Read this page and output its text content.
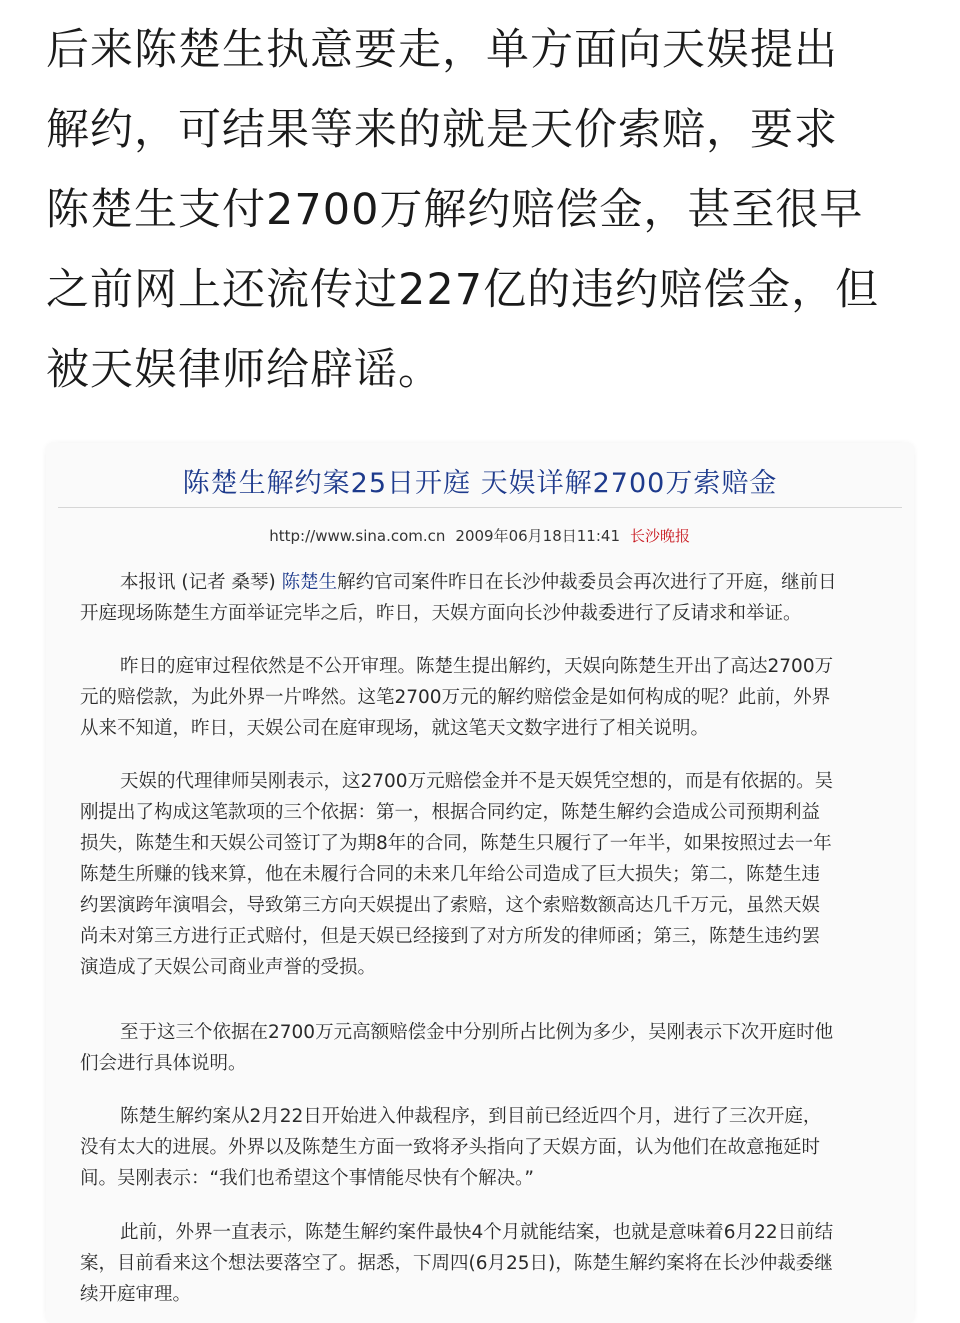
后来陈楚生执意要走，单方面向天娱提出
解约，可结果等来的就是天价索赔，要求
陈楚生支付2700万解约赔偿金，甚至很早
之前网上还流传过227亿的违约赔偿金，但
被天娱律师给辟谣。
陈楚生解约案25日开庭 天娱详解2700万索赔金
http://www.sina.com.cn 2009年06月18日11:41 长沙晚报

本报讯 (记者 桑琴) 陈楚生解约官司案件昨日在长沙仲裁委员会再次进行了开庭，继前日
开庭现场陈楚生方面举证完毕之后，昨日，天娱方面向长沙仲裁委进行了反请求和举证。

昨日的庭审过程依然是不公开审理。陈楚生提出解约，天娱向陈楚生开出了高达2700万
元的赔偿款，为此外界一片哗然。这笔2700万元的解约赔偿金是如何构成的呢？此前，外界
从来不知道，昨日，天娱公司在庭审现场，就这笔天文数字进行了相关说明。

天娱的代理律师吴刚表示，这2700万元赔偿金并不是天娱凭空想的，而是有依据的。吴
刚提出了构成这笔款项的三个依据：第一，根据合同约定，陈楚生解约会造成公司预期利益
损失，陈楚生和天娱公司签订了为期8年的合同，陈楚生只履行了一年半，如果按照过去一年
陈楚生所赚的钱来算，他在未履行合同的未来几年给公司造成了巨大损失；第二，陈楚生违
约罢演跨年演唱会，导致第三方向天娱提出了索赔，这个索赔数额高达几千万元，虽然天娱
尚未对第三方进行正式赔付，但是天娱已经接到了对方所发的律师函；第三，陈楚生违约罢
演造成了天娱公司商业声誉的受损。

至于这三个依据在2700万元高额赔偿金中分别所占比例为多少，吴刚表示下次开庭时他
们会进行具体说明。

陈楚生解约案从2月22日开始进入仲裁程序，到目前已经近四个月，进行了三次开庭，
没有太大的进展。外界以及陈楚生方面一致将矛头指向了天娱方面，认为他们在故意拖延时
间。吴刚表示：“我们也希望这个事情能尽快有个解决。”

此前，外界一直表示，陈楚生解约案件最快4个月就能结案，也就是意味着6月22日前结
案，目前看来这个想法要落空了。据悉，下周四(6月25日)，陈楚生解约案将在长沙仲裁委继
续开庭审理。
